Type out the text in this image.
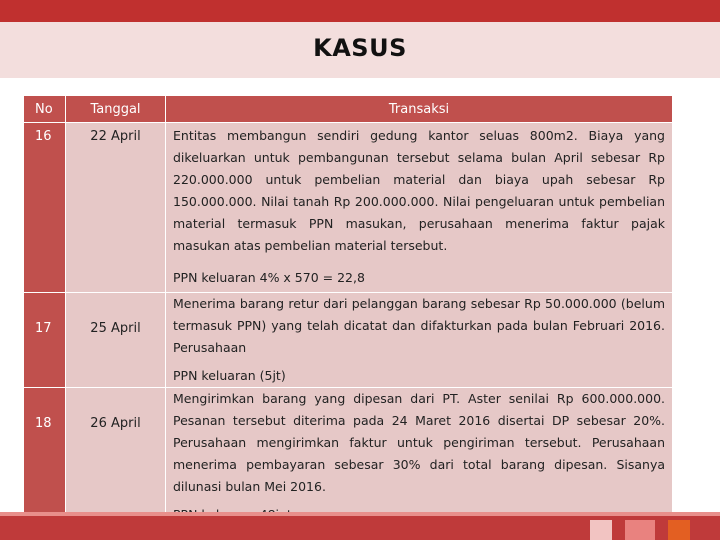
KASUS
No	Tanggal	Transaksi
16	22 April	Entitas membangun sendiri gedung kantor seluas 800m2. Biaya yang dikeluarkan untuk pembangunan tersebut selama bulan April sebesar Rp 220.000.000 untuk pembelian material dan biaya upah sebesar Rp 150.000.000. Nilai tanah Rp 200.000.000. Nilai pengeluaran untuk pembelian material termasuk PPN masukan, perusahaan menerima faktur pajak masukan atas pembelian material tersebut.

PPN keluaran 4% x 570 = 22,8

17	25 April	Menerima barang retur dari pelanggan barang sebesar Rp 50.000.000 (belum termasuk PPN) yang telah dicatat dan difakturkan pada bulan Februari 2016. Perusahaan

PPN keluaran (5jt)

18	26 April	Mengirimkan barang yang dipesan dari PT. Aster senilai Rp 600.000.000. Pesanan tersebut diterima pada 24 Maret 2016 disertai DP sebesar 20%. Perusahaan mengirimkan faktur untuk pengiriman tersebut. Perusahaan menerima pembayaran sebesar 30% dari total barang dipesan. Sisanya dilunasi bulan Mei 2016.
